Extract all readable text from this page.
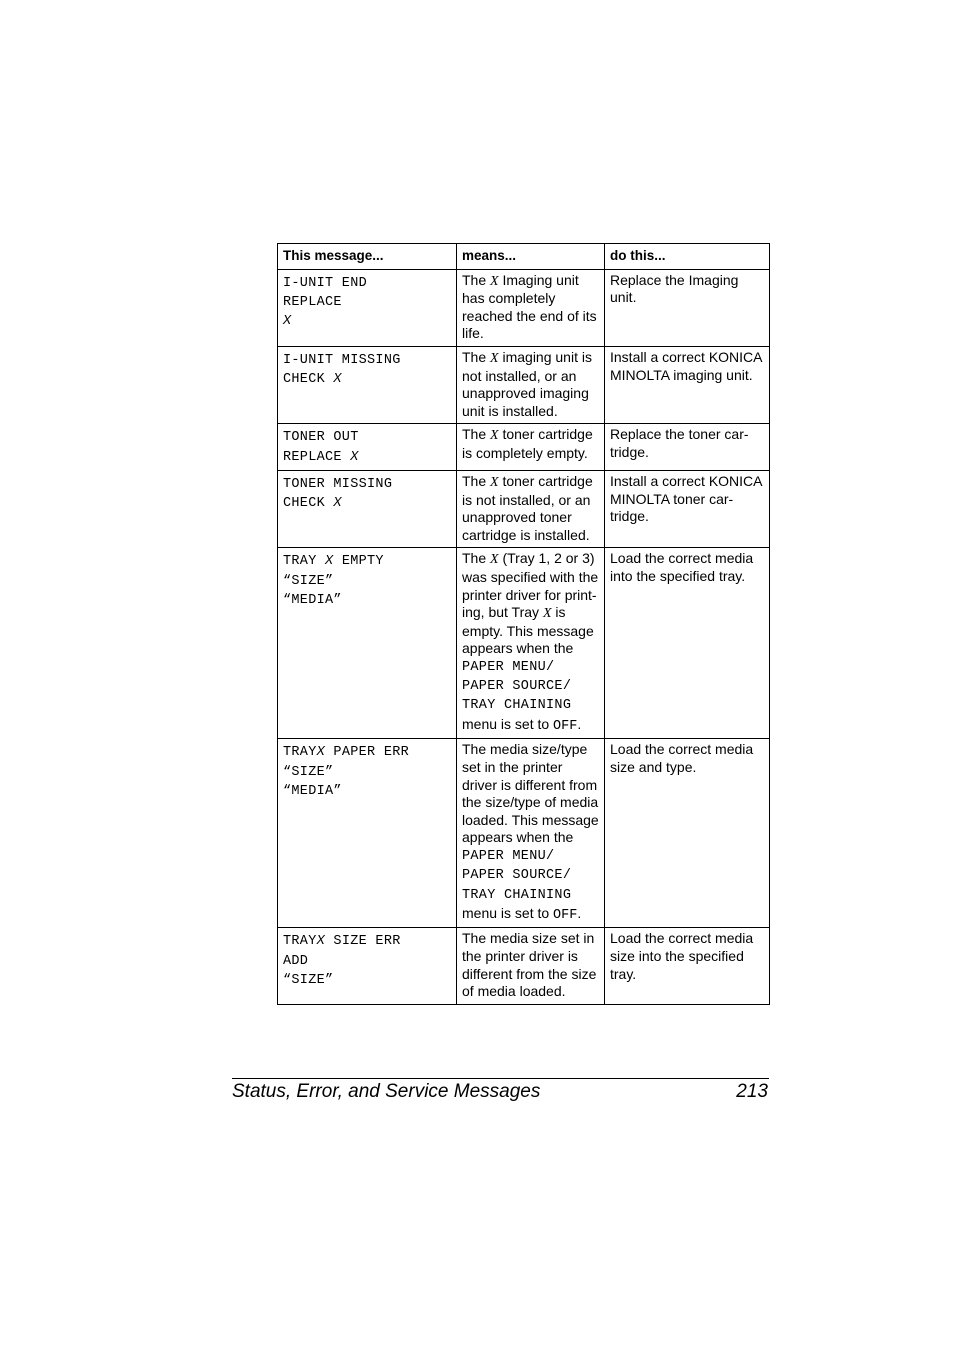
This message...	means...	do this...

I-UNIT END
REPLACE
X	The X Imaging unit has completely reached the end of its life.	Replace the Imaging unit.

I-UNIT MISSING
CHECK X	The X imaging unit is not installed, or an unapproved imaging unit is installed.	Install a correct KONICA MINOLTA imaging unit.

TONER OUT
REPLACE X	The X toner cartridge is completely empty.	Replace the toner car-tridge.

TONER MISSING
CHECK X	The X toner cartridge is not installed, or an unapproved toner cartridge is installed.	Install a correct KONICA MINOLTA toner car-tridge.

TRAY X EMPTY
“SIZE”
“MEDIA”	The X (Tray 1, 2 or 3) was specified with the printer driver for print-ing, but Tray X is empty. This message appears when the
PAPER MENU/
PAPER SOURCE/
TRAY CHAINING
menu is set to OFF.	Load the correct media into the specified tray.

TRAYX PAPER ERR
“SIZE”
“MEDIA”	The media size/type set in the printer driver is different from the size/type of media loaded. This message appears when the
PAPER MENU/
PAPER SOURCE/
TRAY CHAINING
menu is set to OFF.	Load the correct media size and type.

TRAYX SIZE ERR
ADD
“SIZE”	The media size set in the printer driver is different from the size of media loaded.	Load the correct media size into the specified tray.
Status, Error, and Service Messages	213
